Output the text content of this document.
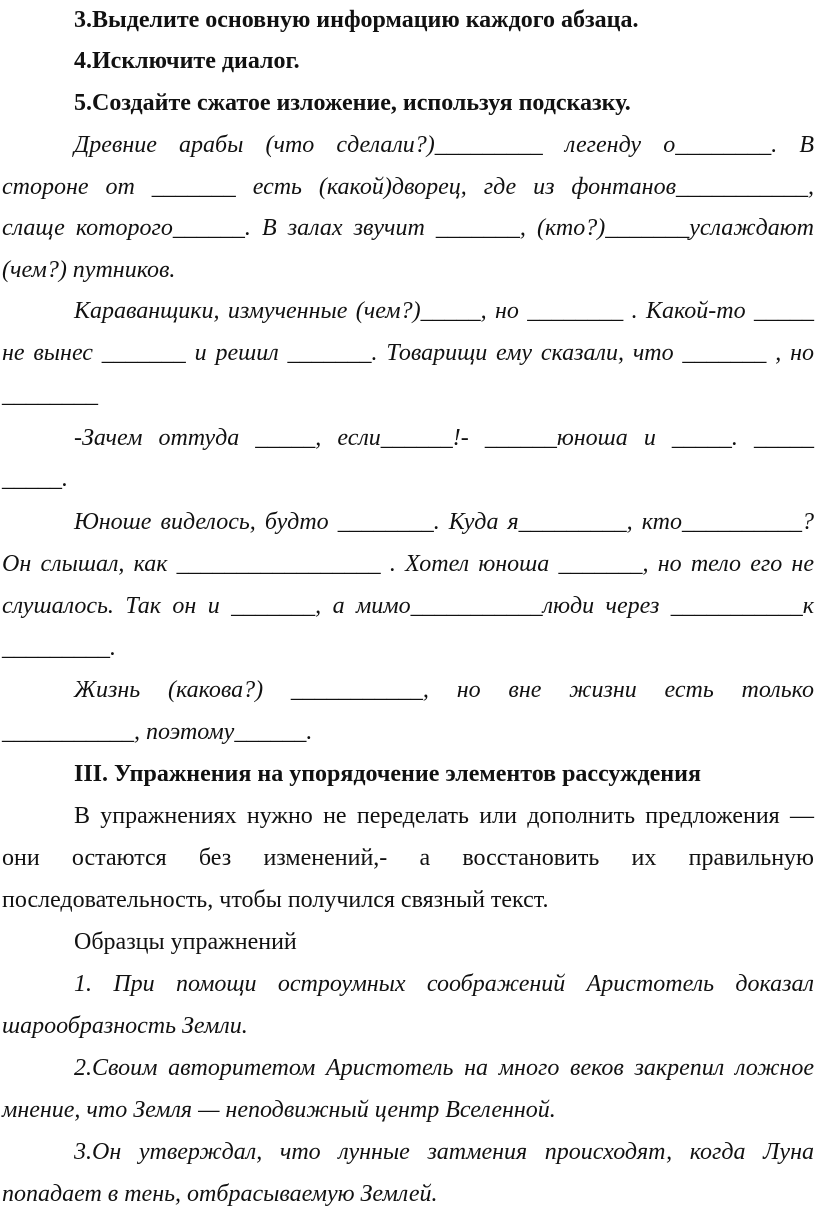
3.Выделите основную информацию каждого абзаца.
4.Исключите диалог.
5.Создайте сжатое изложение, используя подсказку.
Древние арабы (что сделали?)_________ легенду о________. В
стороне от _______ есть (какой)дворец, где из фонтанов___________,
слаще которого______. В залах звучит _______, (кто?)_______услаждают
(чем?) путников.
Караванщики, измученные (чем?)_____, но ________ . Какой-то _____
не вынес _______ и решил _______. Товарищи ему сказали, что _______ , но
________
-Зачем оттуда _____, если______!- ______юноша и _____. _____
_____.
Юноше виделось, будто ________. Куда я_________, кто__________?
Он слышал, как _________________ . Хотел юноша _______, но тело его не
слушалось. Так он и _______, а мимо___________люди через ___________к
_________.
Жизнь (какова?) ___________, но вне жизни есть только
___________, поэтому______.
III. Упражнения на упорядочение элементов рассуждения
В упражнениях нужно не переделать или дополнить предложения —
они остаются без изменений,- а восстановить их правильную
последовательность, чтобы получился связный текст.
Образцы упражнений
1. При помощи остроумных соображений Аристотель доказал
шарообразность Земли.
2.Своим авторитетом Аристотель на много веков закрепил ложное
мнение, что Земля — неподвижный центр Вселенной.
3.Он утверждал, что лунные затмения происходят, когда Луна
попадает в тень, отбрасываемую Землей.
